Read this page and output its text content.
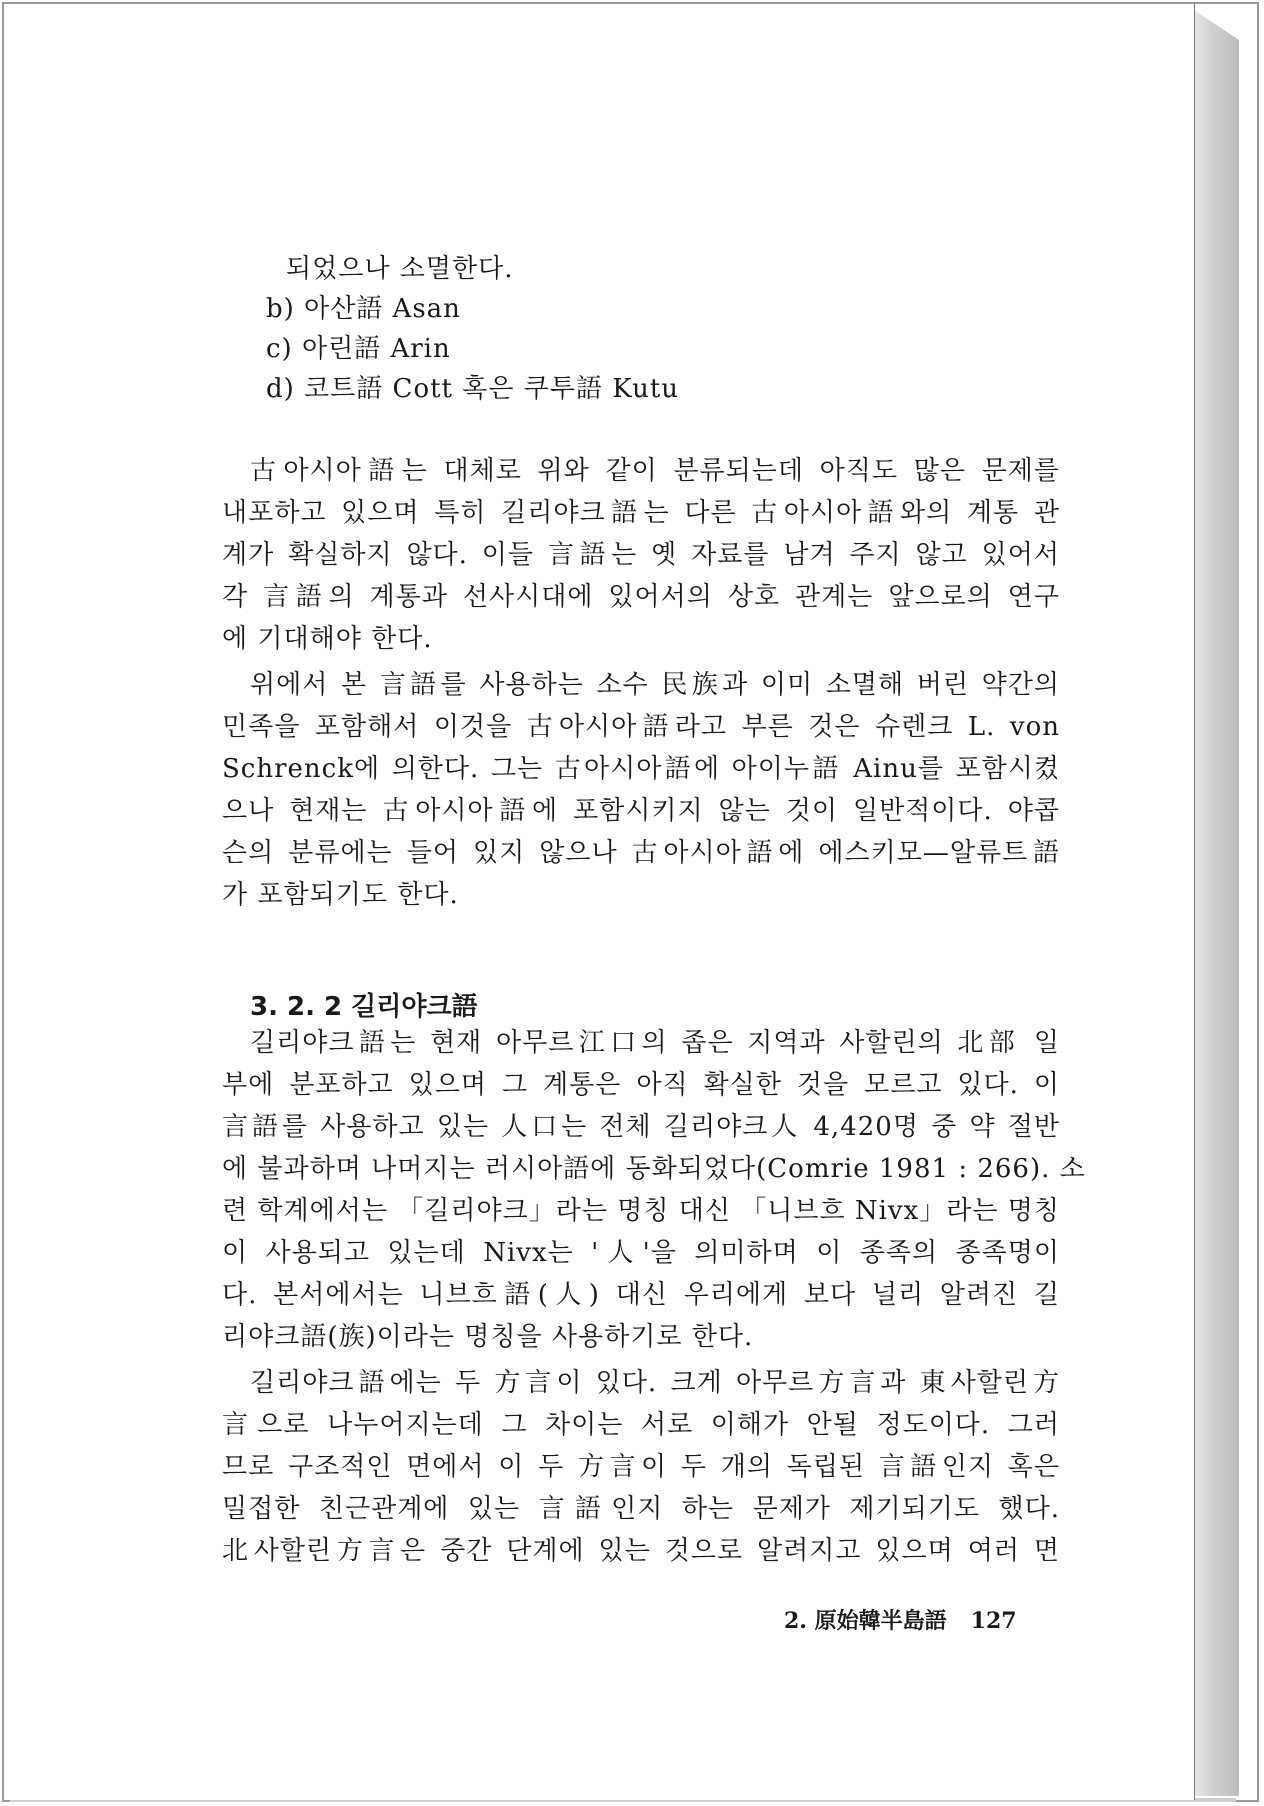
되었으나 소멸한다.
b) 아산語 Asan
c) 아린語 Arin
d) 코트語 Cott 혹은 쿠투語 Kutu
古아시아語는 대체로 위와 같이 분류되는데 아직도 많은 문제를
내포하고 있으며 특히 길리야크語는 다른 古아시아語와의 계통 관
계가 확실하지 않다. 이들 言語는 옛 자료를 남겨 주지 않고 있어서
각 言語의 계통과 선사시대에 있어서의 상호 관계는 앞으로의 연구
에 기대해야 한다.
위에서 본 言語를 사용하는 소수 民族과 이미 소멸해 버린 약간의
민족을 포함해서 이것을 古아시아語라고 부른 것은 슈렌크 L. von
Schrenck에 의한다. 그는 古아시아語에 아이누語 Ainu를 포함시켰
으나 현재는 古아시아語에 포함시키지 않는 것이 일반적이다. 야콥
슨의 분류에는 들어 있지 않으나 古아시아語에 에스키모—알류트語
가 포함되기도 한다.
3. 2. 2 길리야크語
길리야크語는 현재 아무르江口의 좁은 지역과 사할린의 北部 일
부에 분포하고 있으며 그 계통은 아직 확실한 것을 모르고 있다. 이
言語를 사용하고 있는 人口는 전체 길리야크人 4,420명 중 약 절반
에 불과하며 나머지는 러시아語에 동화되었다(Comrie 1981 : 266). 소
련 학계에서는 「길리야크」라는 명칭 대신 「니브흐 Nivx」라는 명칭
이 사용되고 있는데 Nivx는 '人'을 의미하며 이 종족의 종족명이
다. 본서에서는 니브흐語(人) 대신 우리에게 보다 널리 알려진 길
리야크語(族)이라는 명칭을 사용하기로 한다.
길리야크語에는 두 方言이 있다. 크게 아무르方言과 東사할린方
言으로 나누어지는데 그 차이는 서로 이해가 안될 정도이다. 그러
므로 구조적인 면에서 이 두 方言이 두 개의 독립된 言語인지 혹은
밀접한 친근관계에 있는 言語인지 하는 문제가 제기되기도 했다.
北사할린方言은 중간 단계에 있는 것으로 알려지고 있으며 여러 면
2. 原始韓半島語 127
